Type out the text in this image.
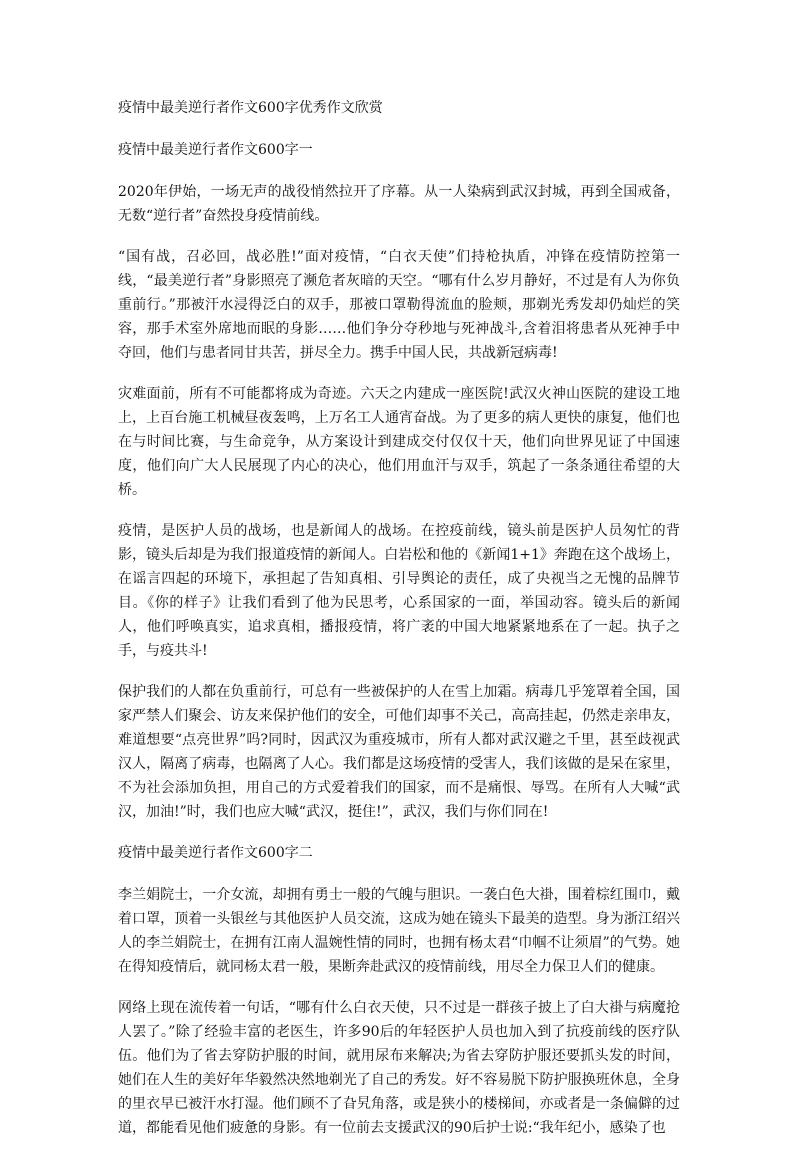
疫情中最美逆行者作文600字优秀作文欣赏
疫情中最美逆行者作文600字一

2020年伊始，一场无声的战役悄然拉开了序幕。从一人染病到武汉封城，再到全国戒备，无数“逆行者”奋然投身疫情前线。

“国有战，召必回，战必胜!”面对疫情，“白衣天使”们持枪执盾，冲锋在疫情防控第一线，“最美逆行者”身影照亮了濒危者灰暗的天空。“哪有什么岁月静好，不过是有人为你负重前行。”那被汗水浸得泛白的双手，那被口罩勒得流血的脸颊，那剃光秀发却仍灿烂的笑容，那手术室外席地而眠的身影……他们争分夺秒地与死神战斗,含着泪将患者从死神手中夺回，他们与患者同甘共苦，拼尽全力。携手中国人民，共战新冠病毒!

灾难面前，所有不可能都将成为奇迹。六天之内建成一座医院!武汉火神山医院的建设工地上，上百台施工机械昼夜轰鸣，上万名工人通宵奋战。为了更多的病人更快的康复，他们也在与时间比赛，与生命竞争，从方案设计到建成交付仅仅十天，他们向世界见证了中国速度，他们向广大人民展现了内心的决心，他们用血汗与双手，筑起了一条条通往希望的大桥。

疫情，是医护人员的战场，也是新闻人的战场。在控疫前线，镜头前是医护人员匆忙的背影，镜头后却是为我们报道疫情的新闻人。白岩松和他的《新闻1+1》奔跑在这个战场上，在谣言四起的环境下，承担起了告知真相、引导舆论的责任，成了央视当之无愧的品牌节目。《你的样子》让我们看到了他为民思考，心系国家的一面，举国动容。镜头后的新闻人，他们呼唤真实，追求真相，播报疫情，将广袤的中国大地紧紧地系在了一起。执子之手，与疫共斗!

保护我们的人都在负重前行，可总有一些被保护的人在雪上加霜。病毒几乎笼罩着全国，国家严禁人们聚会、访友来保护他们的安全，可他们却事不关己，高高挂起，仍然走亲串友，难道想要“点亮世界”吗?同时，因武汉为重疫城市，所有人都对武汉避之千里，甚至歧视武汉人，隔离了病毒，也隔离了人心。我们都是这场疫情的受害人，我们该做的是呆在家里，不为社会添加负担，用自己的方式爱着我们的国家，而不是痛恨、辱骂。在所有人大喊“武汉，加油!”时，我们也应大喊“武汉，挺住!”，武汉，我们与你们同在!

疫情中最美逆行者作文600字二

李兰娟院士，一介女流，却拥有勇士一般的气魄与胆识。一袭白色大褂，围着棕红围巾，戴着口罩，顶着一头银丝与其他医护人员交流，这成为她在镜头下最美的造型。身为浙江绍兴人的李兰娟院士，在拥有江南人温婉性情的同时，也拥有杨太君“巾帼不让须眉”的气势。她在得知疫情后，就同杨太君一般，果断奔赴武汉的疫情前线，用尽全力保卫人们的健康。

网络上现在流传着一句话，“哪有什么白衣天使，只不过是一群孩子披上了白大褂与病魔抢人罢了。”除了经验丰富的老医生，许多90后的年轻医护人员也加入到了抗疫前线的医疗队伍。他们为了省去穿防护服的时间，就用尿布来解决;为省去穿防护服还要抓头发的时间，她们在人生的美好年华毅然决然地剃光了自己的秀发。好不容易脱下防护服换班休息，全身的里衣早已被汗水打湿。他们顾不了旮旯角落，或是狭小的楼梯间，亦或者是一条偏僻的过道，都能看见他们疲惫的身影。有一位前去支援武汉的90后护士说:“我年纪小，感染了也
